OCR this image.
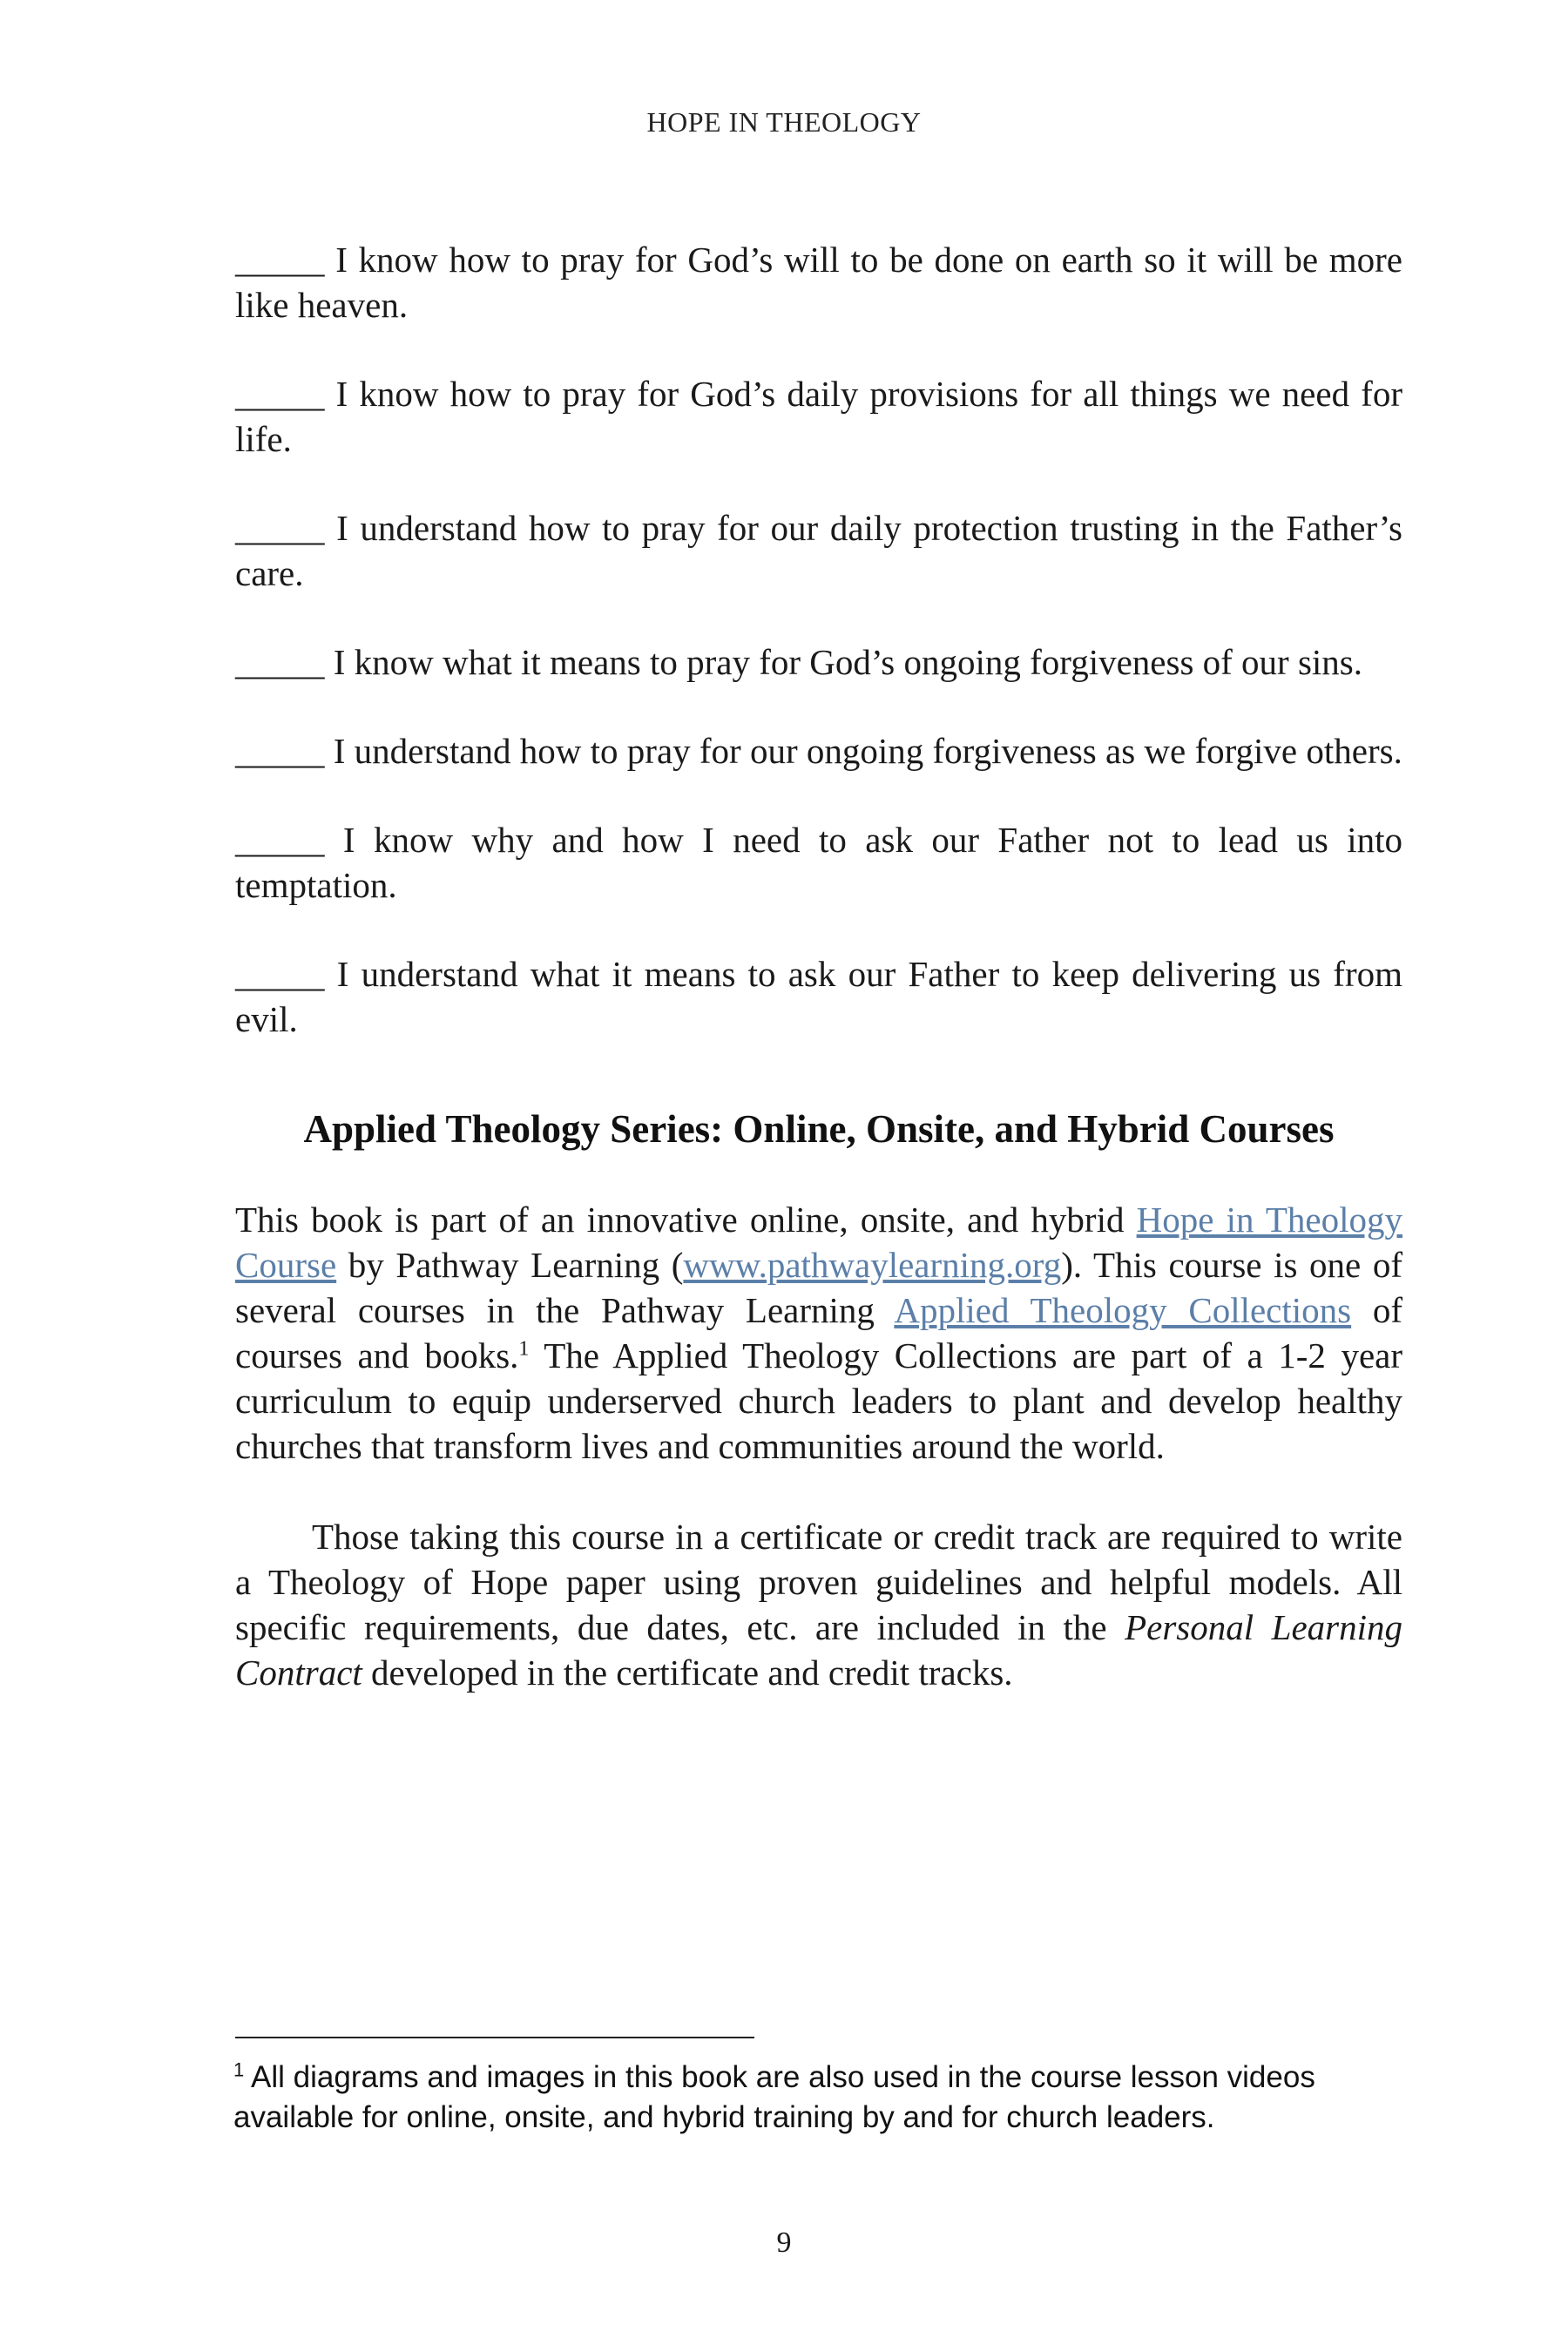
HOPE IN THEOLOGY

_____ I know how to pray for God’s will to be done on earth so it will be more like heaven.

_____ I know how to pray for God’s daily provisions for all things we need for life.

_____ I understand how to pray for our daily protection trusting in the Father’s care.

_____ I know what it means to pray for God’s ongoing forgiveness of our sins.

_____ I understand how to pray for our ongoing forgiveness as we forgive others.

_____ I know why and how I need to ask our Father not to lead us into temptation.

_____ I understand what it means to ask our Father to keep delivering us from evil.

Applied Theology Series: Online, Onsite, and Hybrid Courses

This book is part of an innovative online, onsite, and hybrid Hope in Theology Course by Pathway Learning (www.pathwaylearning.org). This course is one of several courses in the Pathway Learning Applied Theology Collections of courses and books.$^1$ The Applied Theology Collections are part of a 1-2 year curriculum to equip underserved church leaders to plant and develop healthy churches that transform lives and communities around the world.

Those taking this course in a certificate or credit track are required to write a Theology of Hope paper using proven guidelines and helpful models. All specific requirements, due dates, etc. are included in the Personal Learning Contract developed in the certificate and credit tracks.

$^1$ All diagrams and images in this book are also used in the course lesson videos available for online, onsite, and hybrid training by and for church leaders.
9
